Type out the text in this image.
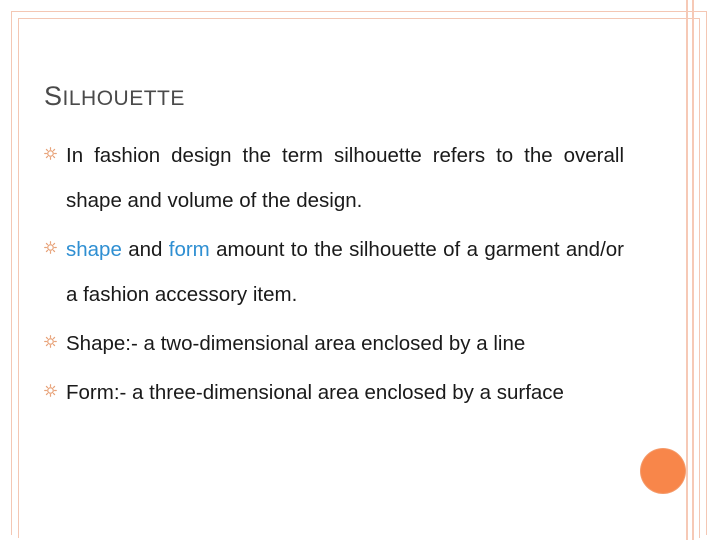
SILHOUETTE
In fashion design the term silhouette refers to the overall shape and volume of the design.
shape and form amount to the silhouette of a garment and/or a fashion accessory item.
Shape:- a two-dimensional area enclosed by a line
Form:- a three-dimensional area enclosed by a surface
